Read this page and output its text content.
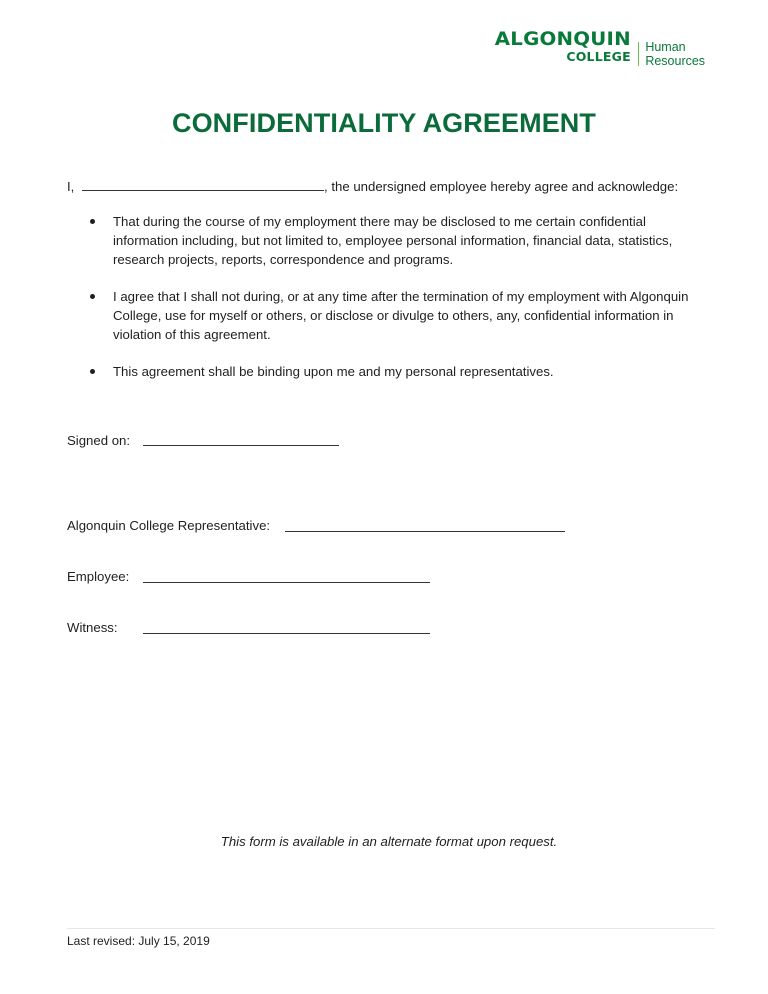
ALGONQUIN
COLLEGE
Human
Resources
CONFIDENTIALITY AGREEMENT
I,	, the undersigned employee hereby agree and acknowledge:
That during the course of my employment there may be disclosed to me certain confidential information including, but not limited to, employee personal information, financial data, statistics, research projects, reports, correspondence and programs.
I agree that I shall not during, or at any time after the termination of my employment with Algonquin College, use for myself or others, or disclose or divulge to others, any, confidential information in violation of this agreement.
This agreement shall be binding upon me and my personal representatives.
Signed on:
Algonquin College Representative:
Employee:
Witness:
This form is available in an alternate format upon request.
Last revised: July 15, 2019
